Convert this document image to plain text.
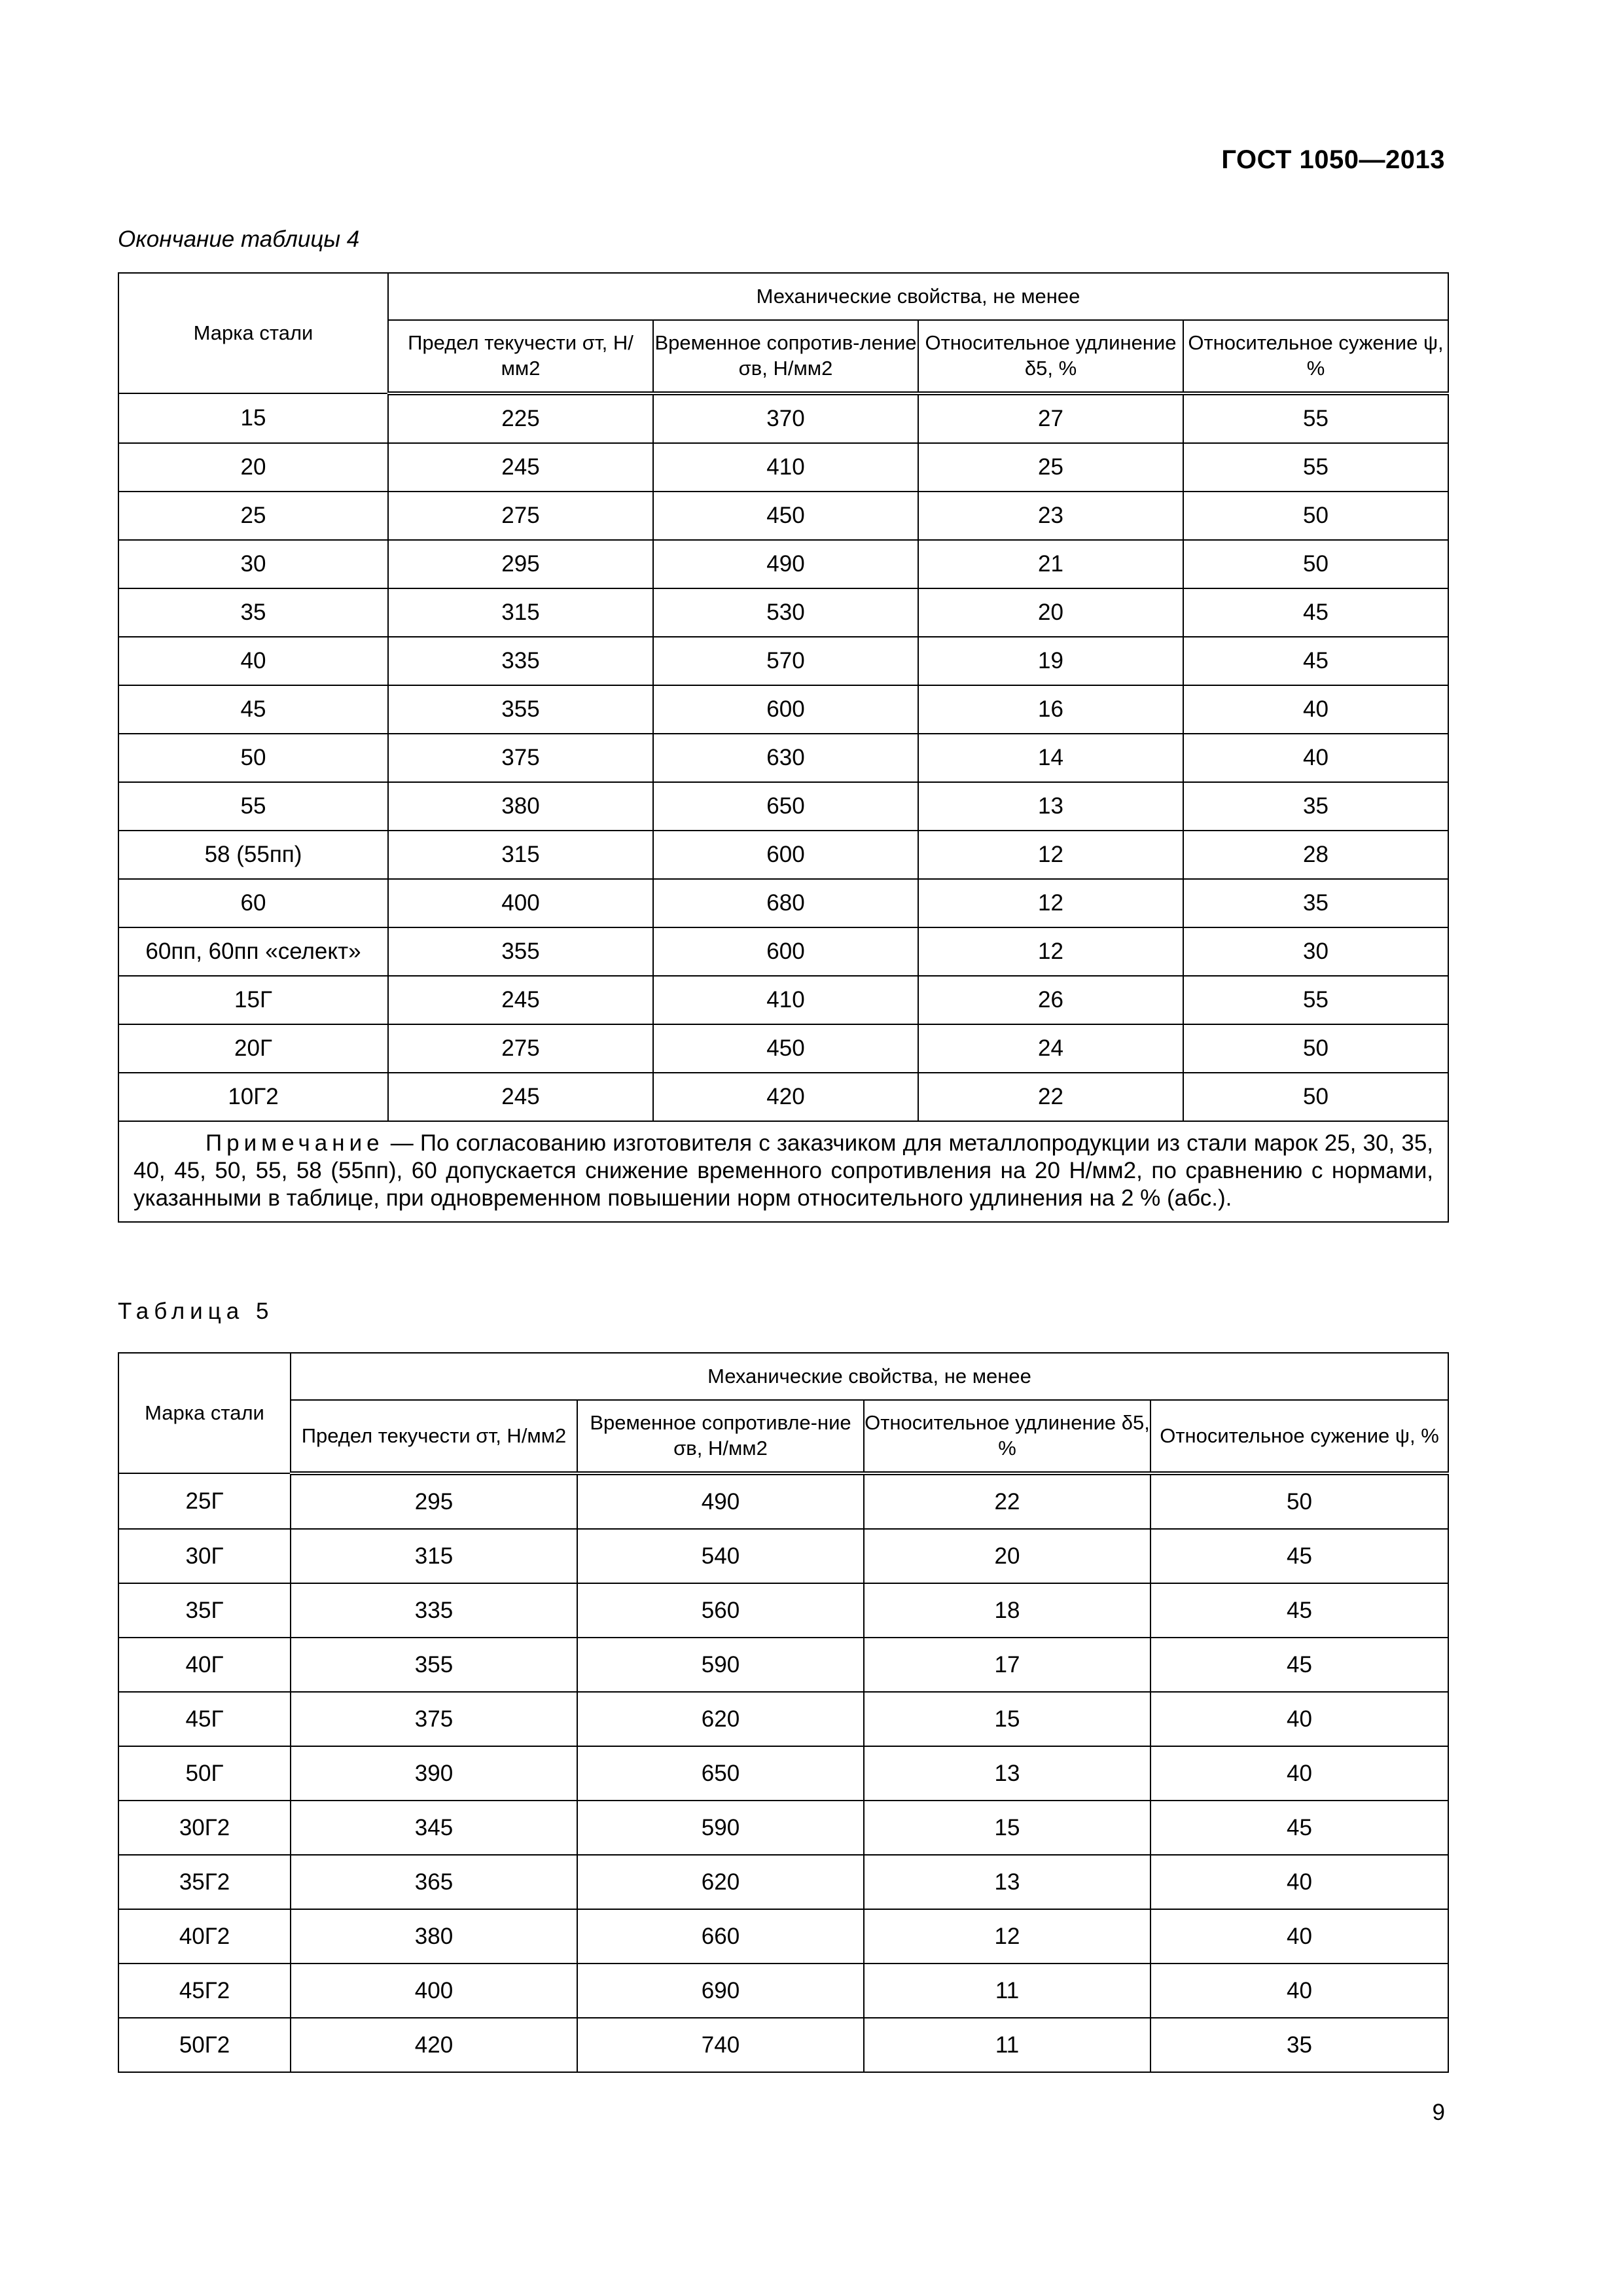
ГОСТ 1050—2013
Окончание таблицы 4
Марка стали	Механические свойства, не менее			
	Предел текучести σт, Н/мм2	Временное сопротив-ление σв, Н/мм2	Относительное удлинение δ5, %	Относительное сужение ψ, %
15	225	370	27	55
20	245	410	25	55
25	275	450	23	50
30	295	490	21	50
35	315	530	20	45
40	335	570	19	45
45	355	600	16	40
50	375	630	14	40
55	380	650	13	35
58 (55пп)	315	600	12	28
60	400	680	12	35
60пп, 60пп «селект»	355	600	12	30
15Г	245	410	26	55
20Г	275	450	24	50
10Г2	245	420	22	50
Примечание — По согласованию изготовителя с заказчиком для металлопродукции из стали марок 25, 30, 35, 40, 45, 50, 55, 58 (55пп), 60 допускается снижение временного сопротивления на 20 Н/мм2, по сравнению с нормами, указанными в таблице, при одновременном повышении норм относительного удлинения на 2 % (абс.).				
Таблица 5
Марка стали	Механические свойства, не менее			
	Предел текучести σт, Н/мм2	Временное сопротивле-ние σв, Н/мм2	Относительное удлинение δ5, %	Относительное сужение ψ, %
25Г	295	490	22	50
30Г	315	540	20	45
35Г	335	560	18	45
40Г	355	590	17	45
45Г	375	620	15	40
50Г	390	650	13	40
30Г2	345	590	15	45
35Г2	365	620	13	40
40Г2	380	660	12	40
45Г2	400	690	11	40
50Г2	420	740	11	35
9
